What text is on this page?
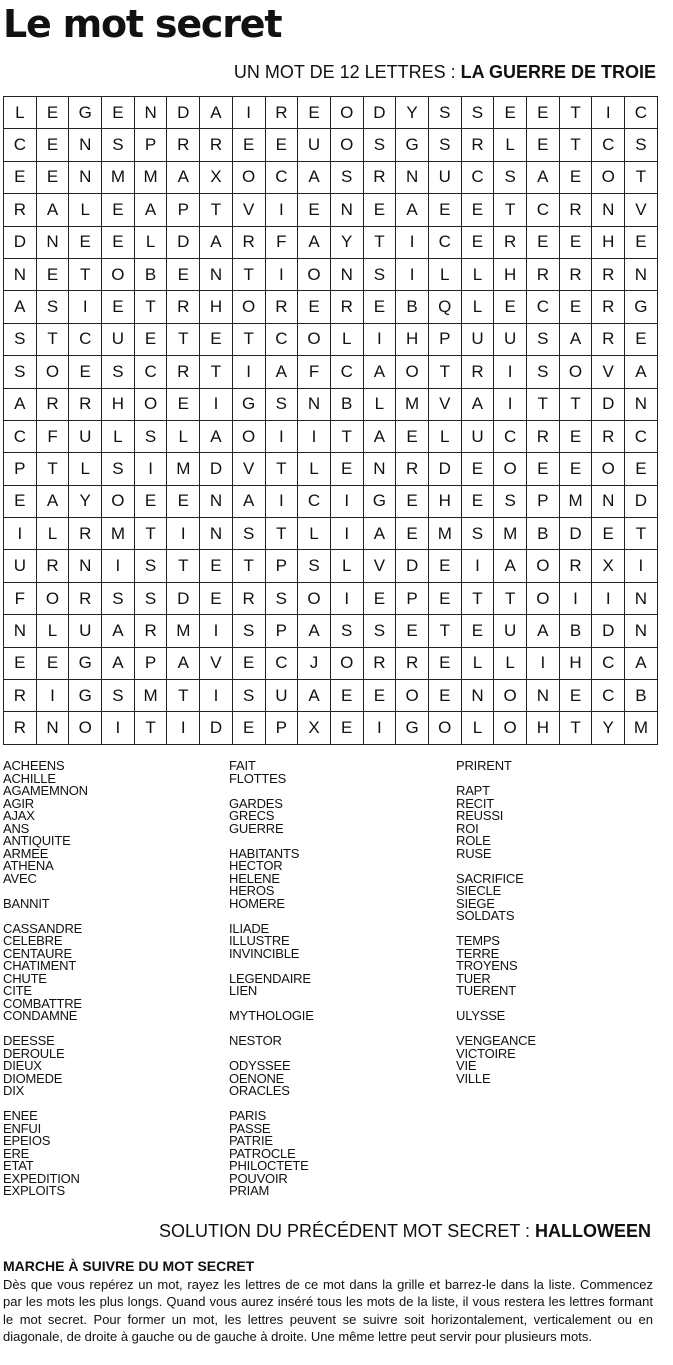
Le mot secret
UN MOT DE 12 LETTRES : LA GUERRE DE TROIE
L	E	G	E	N	D	A	I	R	E	O	D	Y	S	S	E	E	T	I	C
C	E	N	S	P	R	R	E	E	U	O	S	G	S	R	L	E	T	C	S
E	E	N	M	M	A	X	O	C	A	S	R	N	U	C	S	A	E	O	T
R	A	L	E	A	P	T	V	I	E	N	E	A	E	E	T	C	R	N	V
D	N	E	E	L	D	A	R	F	A	Y	T	I	C	E	R	E	E	H	E
N	E	T	O	B	E	N	T	I	O	N	S	I	L	L	H	R	R	R	N
A	S	I	E	T	R	H	O	R	E	R	E	B	Q	L	E	C	E	R	G
S	T	C	U	E	T	E	T	C	O	L	I	H	P	U	U	S	A	R	E
S	O	E	S	C	R	T	I	A	F	C	A	O	T	R	I	S	O	V	A
A	R	R	H	O	E	I	G	S	N	B	L	M	V	A	I	T	T	D	N
C	F	U	L	S	L	A	O	I	I	T	A	E	L	U	C	R	E	R	C
P	T	L	S	I	M	D	V	T	L	E	N	R	D	E	O	E	E	O	E
E	A	Y	O	E	E	N	A	I	C	I	G	E	H	E	S	P	M	N	D
I	L	R	M	T	I	N	S	T	L	I	A	E	M	S	M	B	D	E	T
U	R	N	I	S	T	E	T	P	S	L	V	D	E	I	A	O	R	X	I
F	O	R	S	S	D	E	R	S	O	I	E	P	E	T	T	O	I	I	N
N	L	U	A	R	M	I	S	P	A	S	S	E	T	E	U	A	B	D	N
E	E	G	A	P	A	V	E	C	J	O	R	R	E	L	L	I	H	C	A
R	I	G	S	M	T	I	S	U	A	E	E	O	E	N	O	N	E	C	B
R	N	O	I	T	I	D	E	P	X	E	I	G	O	L	O	H	T	Y	M
ACHEENS
ACHILLE
AGAMEMNON
AGIR
AJAX
ANS
ANTIQUITE
ARMEE
ATHENA
AVEC
BANNIT
CASSANDRE
CELEBRE
CENTAURE
CHATIMENT
CHUTE
CITE
COMBATTRE
CONDAMNE
DEESSE
DEROULE
DIEUX
DIOMEDE
DIX
ENEE
ENFUI
EPEIOS
ERE
ETAT
EXPEDITION
EXPLOITS
FAIT
FLOTTES
GARDES
GRECS
GUERRE
HABITANTS
HECTOR
HELENE
HEROS
HOMERE
ILIADE
ILLUSTRE
INVINCIBLE
LEGENDAIRE
LIEN
MYTHOLOGIE
NESTOR
ODYSSEE
OENONE
ORACLES
PARIS
PASSE
PATRIE
PATROCLE
PHILOCTETE
POUVOIR
PRIAM
PRIRENT
RAPT
RECIT
REUSSI
ROI
ROLE
RUSE
SACRIFICE
SIECLE
SIEGE
SOLDATS
TEMPS
TERRE
TROYENS
TUER
TUERENT
ULYSSE
VENGEANCE
VICTOIRE
VIE
VILLE
SOLUTION DU PRÉCÉDENT MOT SECRET : HALLOWEEN
MARCHE À SUIVRE DU MOT SECRET
Dès que vous repérez un mot, rayez les lettres de ce mot dans la grille et barrez-le dans la liste. Commencez par les mots les plus longs. Quand vous aurez inséré tous les mots de la liste, il vous restera les lettres formant le mot secret. Pour former un mot, les lettres peuvent se suivre soit horizontalement, verticalement ou en diagonale, de droite à gauche ou de gauche à droite. Une même lettre peut servir pour plusieurs mots.
